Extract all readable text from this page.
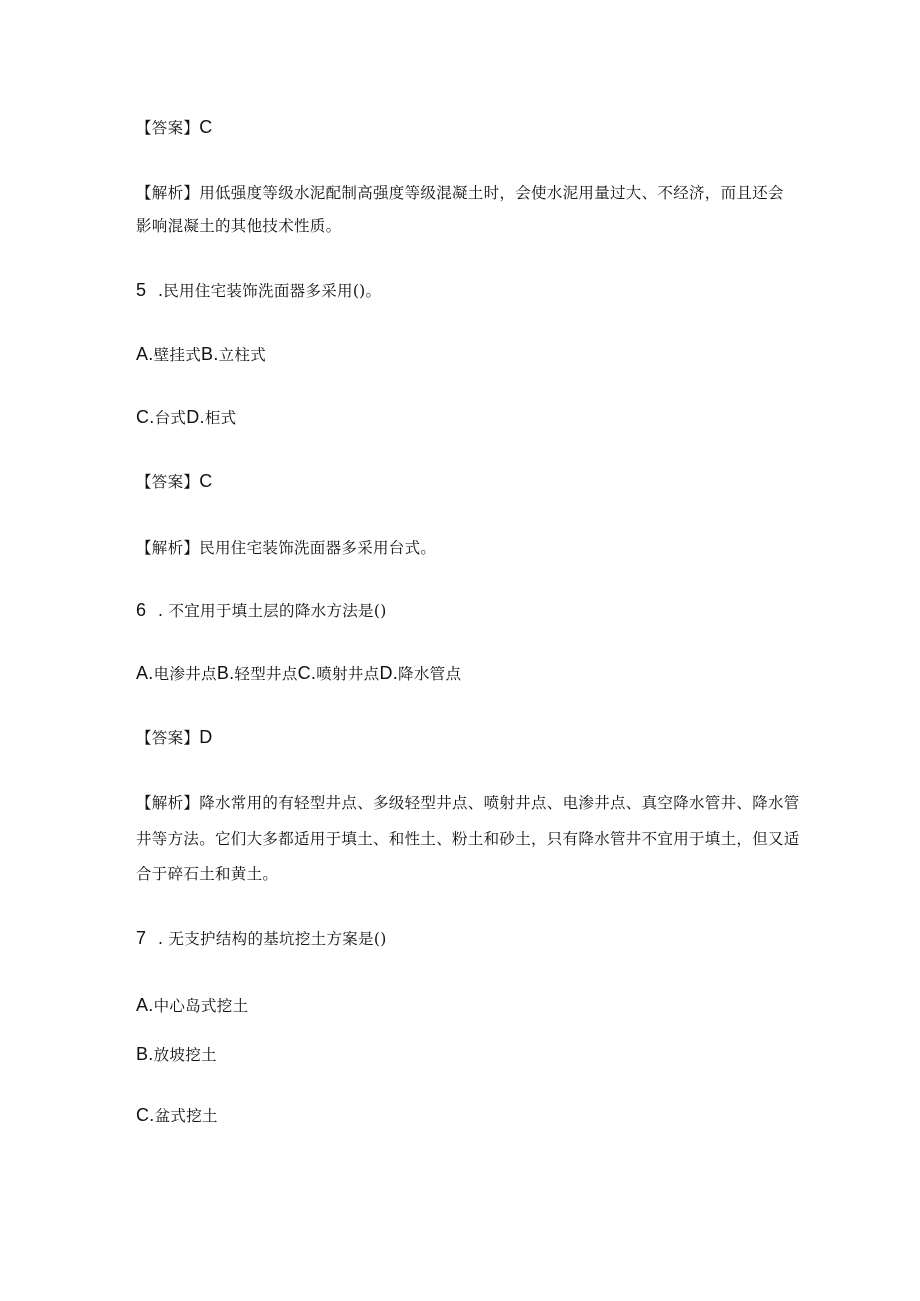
【答案】C
【解析】用低强度等级水泥配制高强度等级混凝土时，会使水泥用量过大、不经济，而且还会
影响混凝土的其他技术性质。
5 .民用住宅装饰洗面器多采用()。
A.壁挂式B.立柱式
C.台式D.柜式
【答案】C
【解析】民用住宅装饰洗面器多采用台式。
6 . 不宜用于填土层的降水方法是()
A.电渗井点B.轻型井点C.喷射井点D.降水管点
【答案】D
【解析】降水常用的有轻型井点、多级轻型井点、喷射井点、电渗井点、真空降水管井、降水管
井等方法。它们大多都适用于填土、和性土、粉土和砂土，只有降水管井不宜用于填土，但又适
合于碎石土和黄土。
7 . 无支护结构的基坑挖土方案是()
A.中心岛式挖土
B.放坡挖土
C.盆式挖土
